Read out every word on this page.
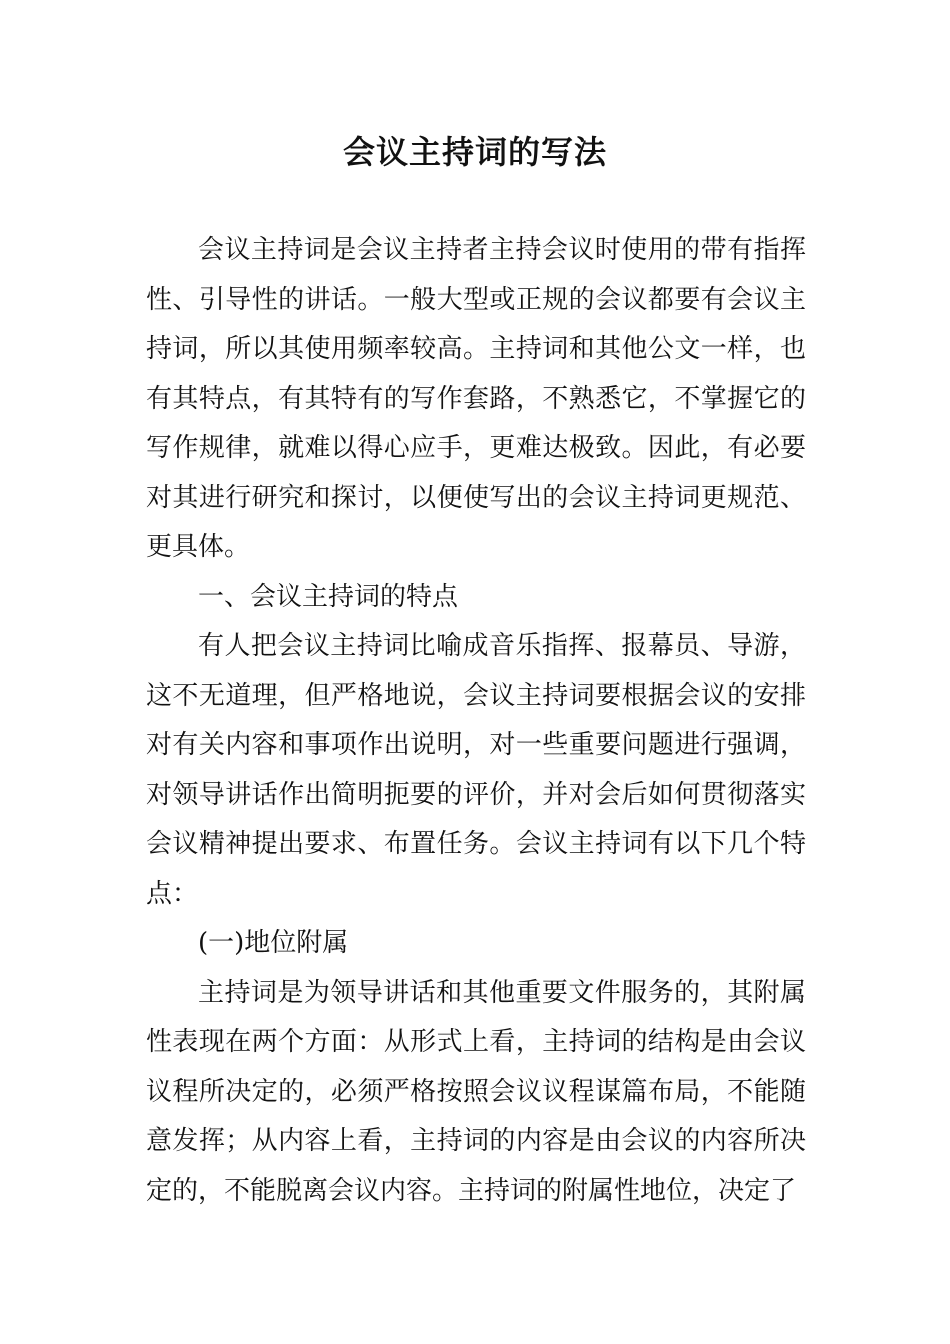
会议主持词的写法

会议主持词是会议主持者主持会议时使用的带有指挥性、引导性的讲话。一般大型或正规的会议都要有会议主持词，所以其使用频率较高。主持词和其他公文一样，也有其特点，有其特有的写作套路，不熟悉它，不掌握它的写作规律，就难以得心应手，更难达极致。因此，有必要对其进行研究和探讨，以便使写出的会议主持词更规范、更具体。

一、会议主持词的特点

有人把会议主持词比喻成音乐指挥、报幕员、导游，这不无道理，但严格地说，会议主持词要根据会议的安排对有关内容和事项作出说明，对一些重要问题进行强调，对领导讲话作出简明扼要的评价，并对会后如何贯彻落实会议精神提出要求、布置任务。会议主持词有以下几个特点：

(一)地位附属

主持词是为领导讲话和其他重要文件服务的，其附属性表现在两个方面：从形式上看，主持词的结构是由会议议程所决定的，必须严格按照会议议程谋篇布局，不能随意发挥；从内容上看，主持词的内容是由会议的内容所决定的，不能脱离会议内容。主持词的附属性地位，决定了
